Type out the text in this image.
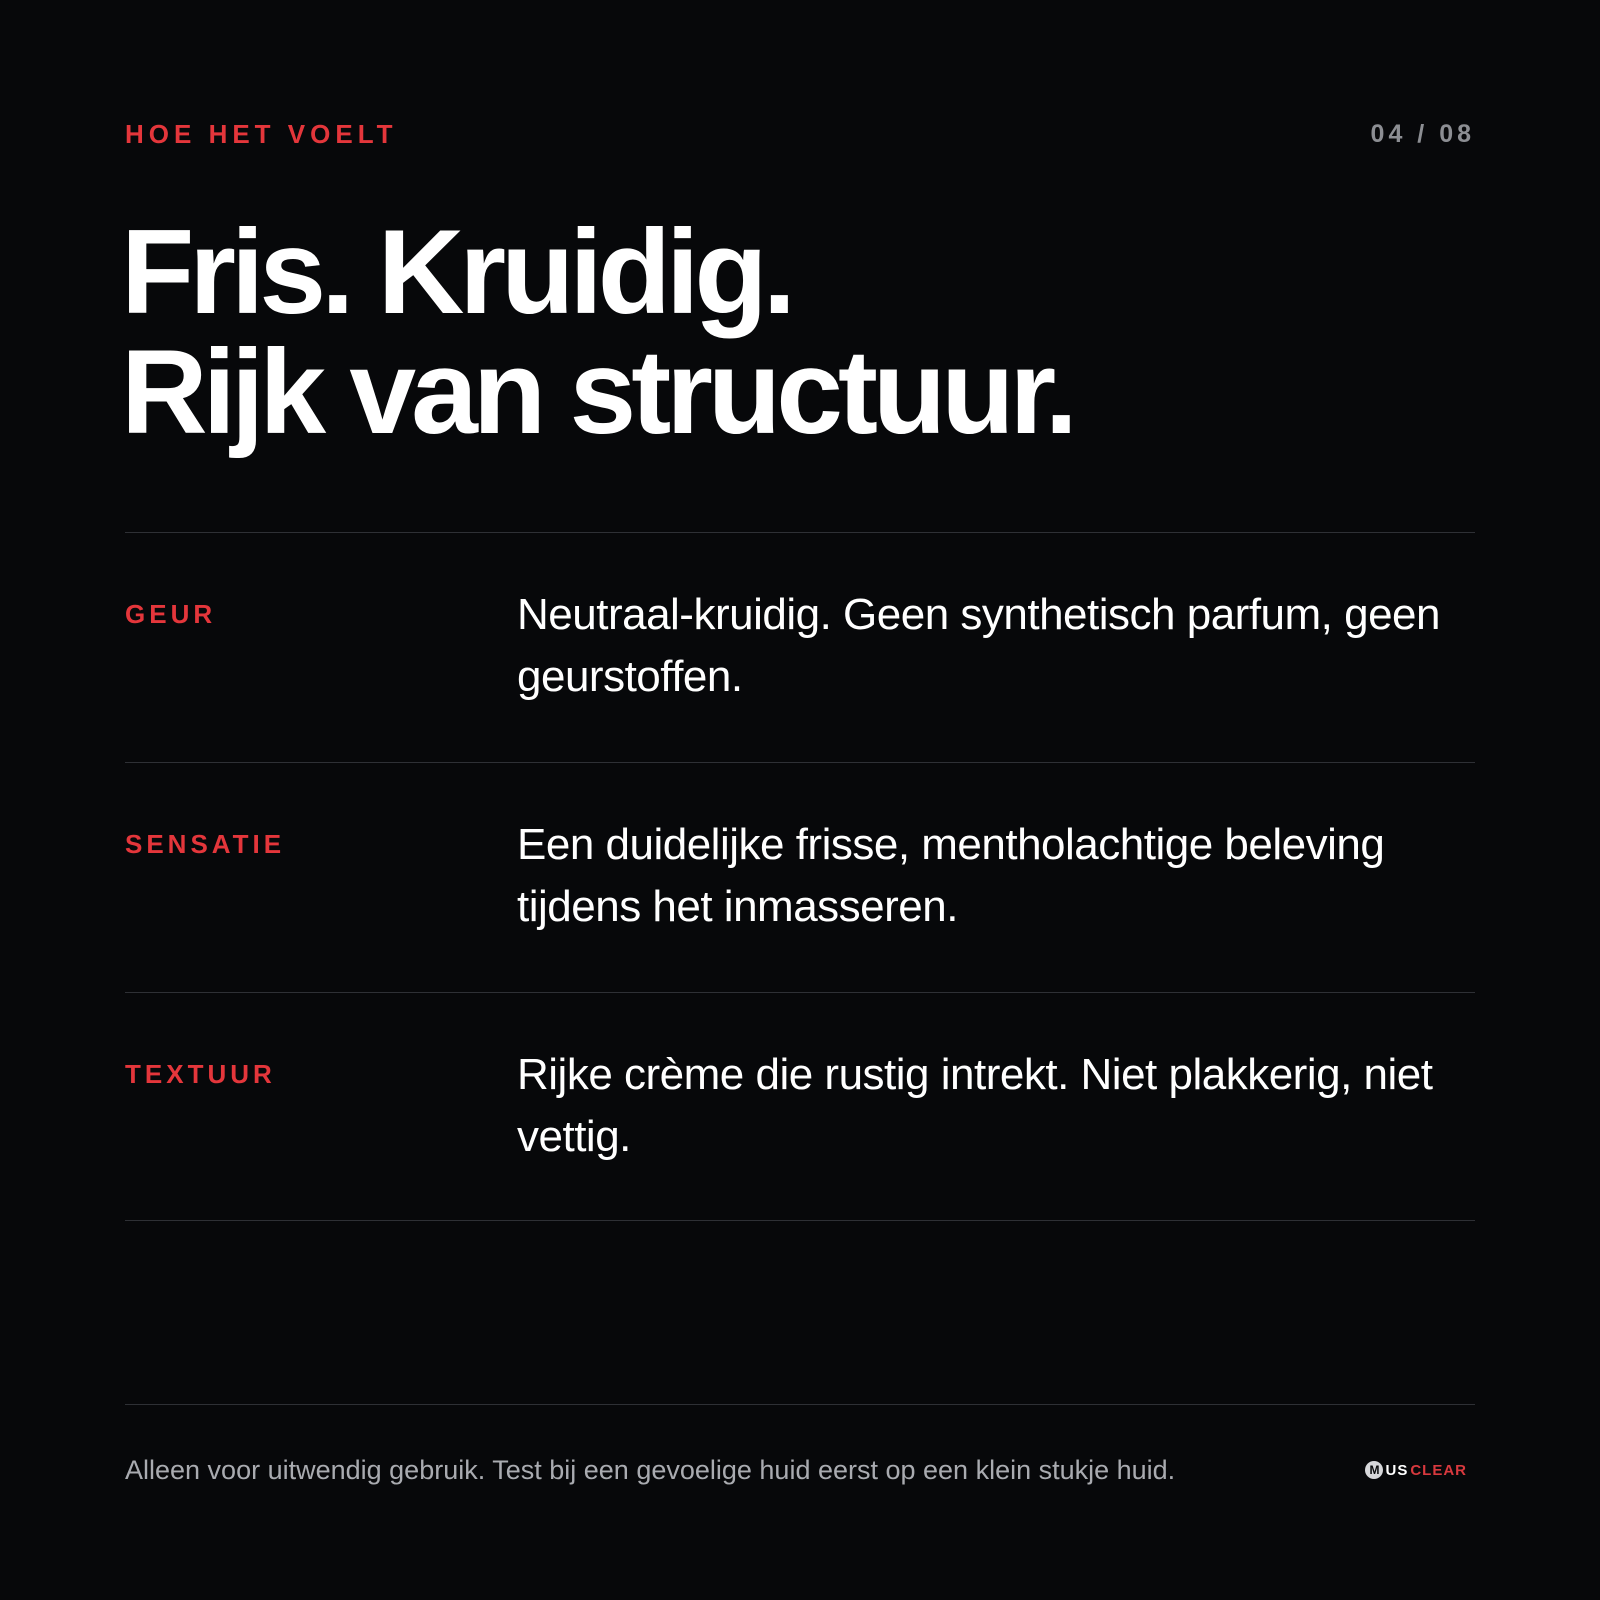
HOE HET VOELT	04 / 08
Fris. Kruidig.
Rijk van structuur.
GEUR	Neutraal-kruidig. Geen synthetisch parfum, geen geurstoffen.

SENSATIE	Een duidelijke frisse, mentholachtige beleving tijdens het inmasseren.

TEXTUUR	Rijke crème die rustig intrekt. Niet plakkerig, niet vettig.

Alleen voor uitwendig gebruik. Test bij een gevoelige huid eerst op een klein stukje huid.	M US CLEAR
